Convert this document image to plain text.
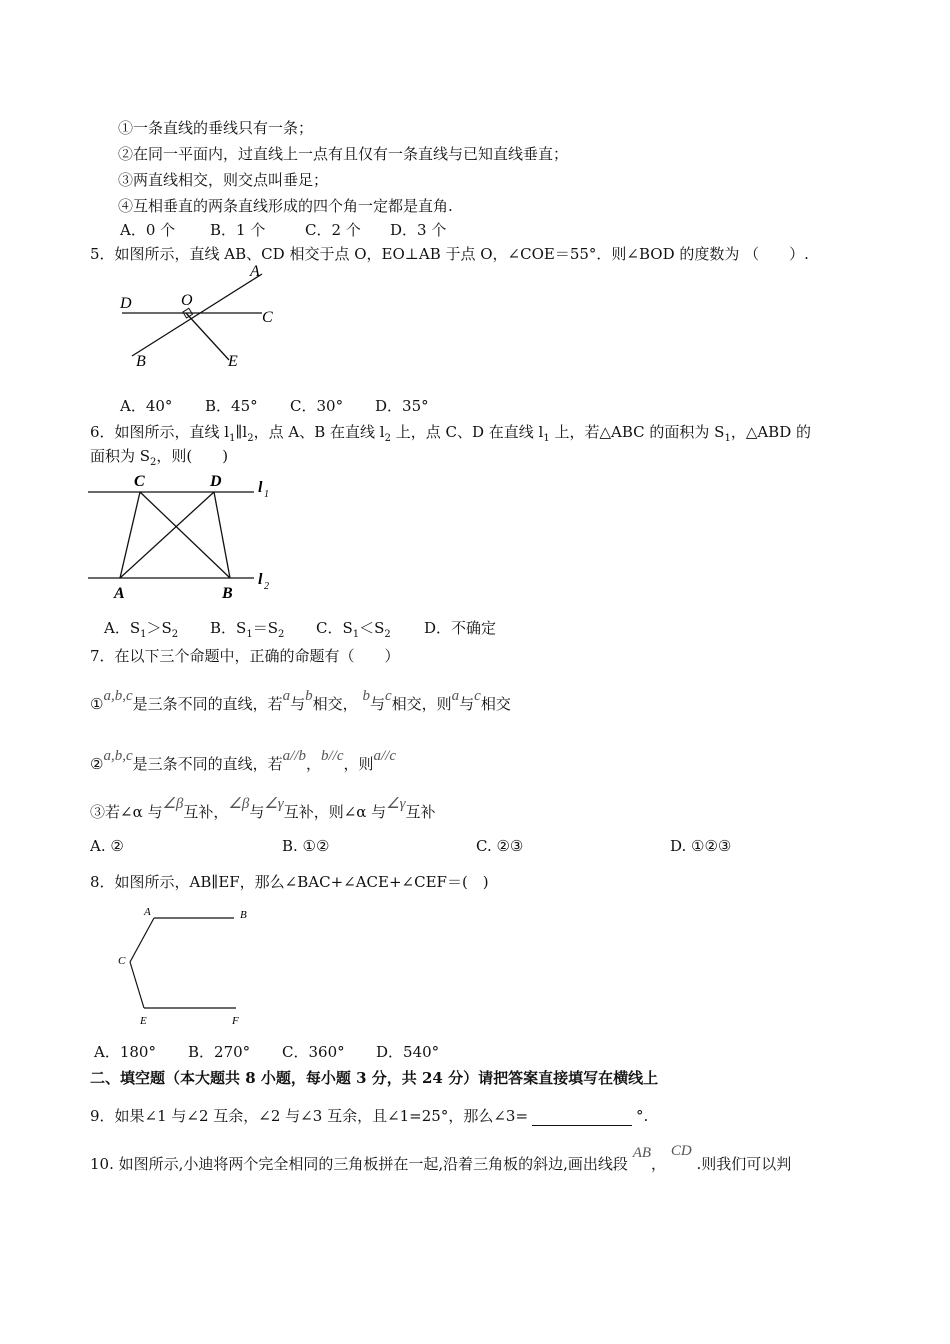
①一条直线的垂线只有一条；
②在同一平面内，过直线上一点有且仅有一条直线与已知直线垂直；
③两直线相交，则交点叫垂足；
④互相垂直的两条直线形成的四个角一定都是直角.
A．0 个 B．1 个	C．2 个 D．3 个
5．如图所示，直线 AB、CD 相交于点 O，EO⊥AB 于点 O，∠COE＝55°．则∠BOD 的度数为 （　　）.
D	O
A
C
B	E
A．40° B．45° C．30° D．35°
6．如图所示，直线 $l_1\parallel l_2$，点 A、B 在直线 $l_2$ 上，点 C、D 在直线 $l_1$ 上，若△ABC 的面积为 $S_1$，△ABD 的
面积为 $S_2$，则(　　)
C	D
A	B
l 1
l 2
A．$S_1>S_2$ B．$S_1=S_2$ C．$S_1<S_2$ D．不确定
7．在以下三个命题中，正确的命题有（　　）
①a,b,c是三条不同的直线，若a与b相交， b与c相交，则a与c相交
②a,b,c是三条不同的直线，若a//b，b//c，则a//c
③若∠α 与∠β互补，∠β与∠γ互补，则∠α 与∠γ互补
A. ②	B. ①②	C. ②③	D. ①②③
8．如图所示，AB∥EF，那么∠BAC+∠ACE+∠CEF＝(　)
A	B
C
E	F
A．180° B．270° C．360° D．540°
二、填空题（本大题共 8 小题，每小题 3 分，共 24 分）请把答案直接填写在横线上
9．如果∠1 与∠2 互余，∠2 与∠3 互余，且∠1=25°，那么∠3=	°.
10. 如图所示,小迪将两个完全相同的三角板拼在一起,沿着三角板的斜边,画出线段 AB， CD .则我们可以判
